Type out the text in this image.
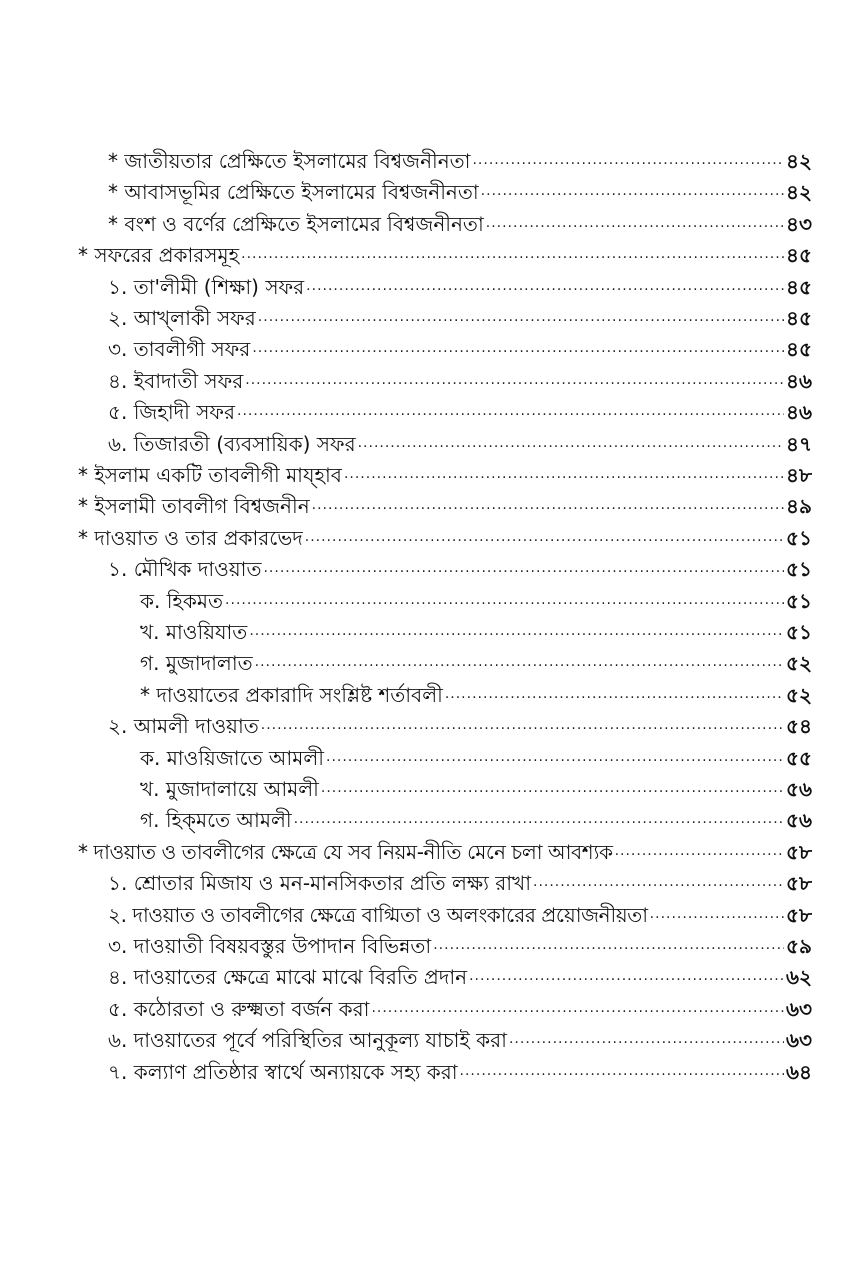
* জাতীয়তার প্রেক্ষিতে ইসলামের বিশ্বজনীনতা ·····	৪২
* আবাসভূমির প্রেক্ষিতে ইসলামের বিশ্বজনীনতা ·····	৪২
* বংশ ও বর্ণের প্রেক্ষিতে ইসলামের বিশ্বজনীনতা ·····	৪৩
* সফরের প্রকারসমূহ ·····	৪৫
১. তা'লীমী (শিক্ষা) সফর ·····	৪৫
২. আখ্‌লাকী সফর ·····	৪৫
৩. তাবলীগী সফর ·····	৪৫
৪. ইবাদাতী সফর ·····	৪৬
৫. জিহাদী সফর ·····	৪৬
৬. তিজারতী (ব্যবসায়িক) সফর ·····	৪৭
* ইসলাম একটি তাবলীগী মায্‌হাব ·····	৪৮
* ইসলামী তাবলীগ বিশ্বজনীন ·····	৪৯
* দাওয়াত ও তার প্রকারভেদ ·····	৫১
১. মৌখিক দাওয়াত ·····	৫১
ক. হিকমত ·····	৫১
খ. মাওয়িযাত ·····	৫১
গ. মুজাদালাত ·····	৫২
* দাওয়াতের প্রকারাদি সংশ্লিষ্ট শর্তাবলী ·····	৫২
২. আমলী দাওয়াত ·····	৫৪
ক. মাওয়িজাতে আমলী ·····	৫৫
খ. মুজাদালায়ে আমলী ·····	৫৬
গ. হিক্‌মতে আমলী ·····	৫৬
* দাওয়াত ও তাবলীগের ক্ষেত্রে যে সব নিয়ম-নীতি মেনে চলা আবশ্যক ·····	৫৮
১. শ্রোতার মিজায ও মন-মানসিকতার প্রতি লক্ষ্য রাখা ·····	৫৮
২. দাওয়াত ও তাবলীগের ক্ষেত্রে বাগ্মিতা ও অলংকারের প্রয়োজনীয়তা ·····	৫৮
৩. দাওয়াতী বিষয়বস্তুর উপাদান বিভিন্নতা ·····	৫৯
৪. দাওয়াতের ক্ষেত্রে মাঝে মাঝে বিরতি প্রদান ·····	৬২
৫. কঠোরতা ও রুক্ষ্মতা বর্জন করা ·····	৬৩
৬. দাওয়াতের পূর্বে পরিস্থিতির আনুকূল্য যাচাই করা ·····	৬৩
৭. কল্যাণ প্রতিষ্ঠার স্বার্থে অন্যায়কে সহ্য করা ·····	৬৪
